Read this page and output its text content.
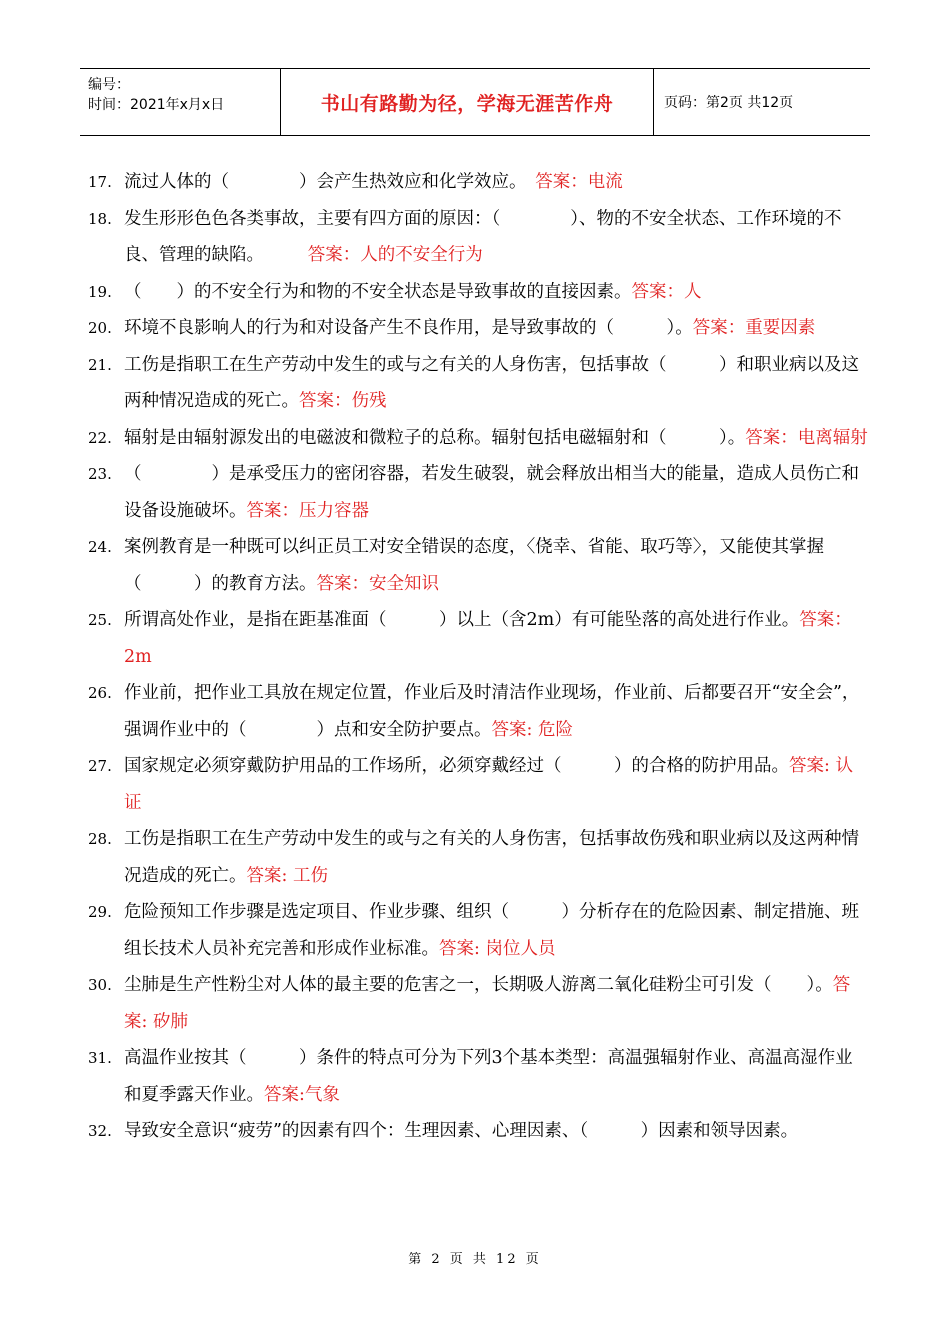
编号：
时间：2021年x月x日	书山有路勤为径，学海无涯苦作舟	页码：第2页 共12页
17. 流过人体的（　　　　）会产生热效应和化学效应。　答案：电流
18. 发生形形色色各类事故，主要有四方面的原因：（　　　　）、物的不安全状态、工作环境的不良、管理的缺陷。　　　答案：人的不安全行为
19. （　　）的不安全行为和物的不安全状态是导致事故的直接因素。答案：人
20. 环境不良影响人的行为和对设备产生不良作用，是导致事故的（　　　）。答案：重要因素
21. 工伤是指职工在生产劳动中发生的或与之有关的人身伤害，包括事故（　　　）和职业病以及这两种情况造成的死亡。答案：伤残
22. 辐射是由辐射源发出的电磁波和微粒子的总称。辐射包括电磁辐射和（　　　）。答案：电离辐射
23. （　　　　）是承受压力的密闭容器，若发生破裂，就会释放出相当大的能量，造成人员伤亡和设备设施破坏。答案：压力容器
24. 案例教育是一种既可以纠正员工对安全错误的态度，〈侥幸、省能、取巧等〉，又能使其掌握（　　　）的教育方法。答案：安全知识
25. 所谓高处作业，是指在距基准面（　　　）以上（含2m）有可能坠落的高处进行作业。答案：2m
26. 作业前，把作业工具放在规定位置，作业后及时清洁作业现场，作业前、后都要召开“安全会”，强调作业中的（　　　　）点和安全防护要点。答案: 危险
27. 国家规定必须穿戴防护用品的工作场所，必须穿戴经过（　　　）的合格的防护用品。答案: 认证
28. 工伤是指职工在生产劳动中发生的或与之有关的人身伤害，包括事故伤残和职业病以及这两种情况造成的死亡。答案: 工伤
29. 危险预知工作步骤是选定项目、作业步骤、组织（　　　）分析存在的危险因素、制定措施、班组长技术人员补充完善和形成作业标准。答案: 岗位人员
30. 尘肺是生产性粉尘对人体的最主要的危害之一，长期吸人游离二氧化硅粉尘可引发（　　）。答案: 矽肺
31. 高温作业按其（　　　）条件的特点可分为下列3个基本类型：高温强辐射作业、高温高湿作业和夏季露天作业。答案:气象
32. 导致安全意识“疲劳”的因素有四个：生理因素、心理因素、（　　　）因素和领导因素。
第 2 页 共 12 页
